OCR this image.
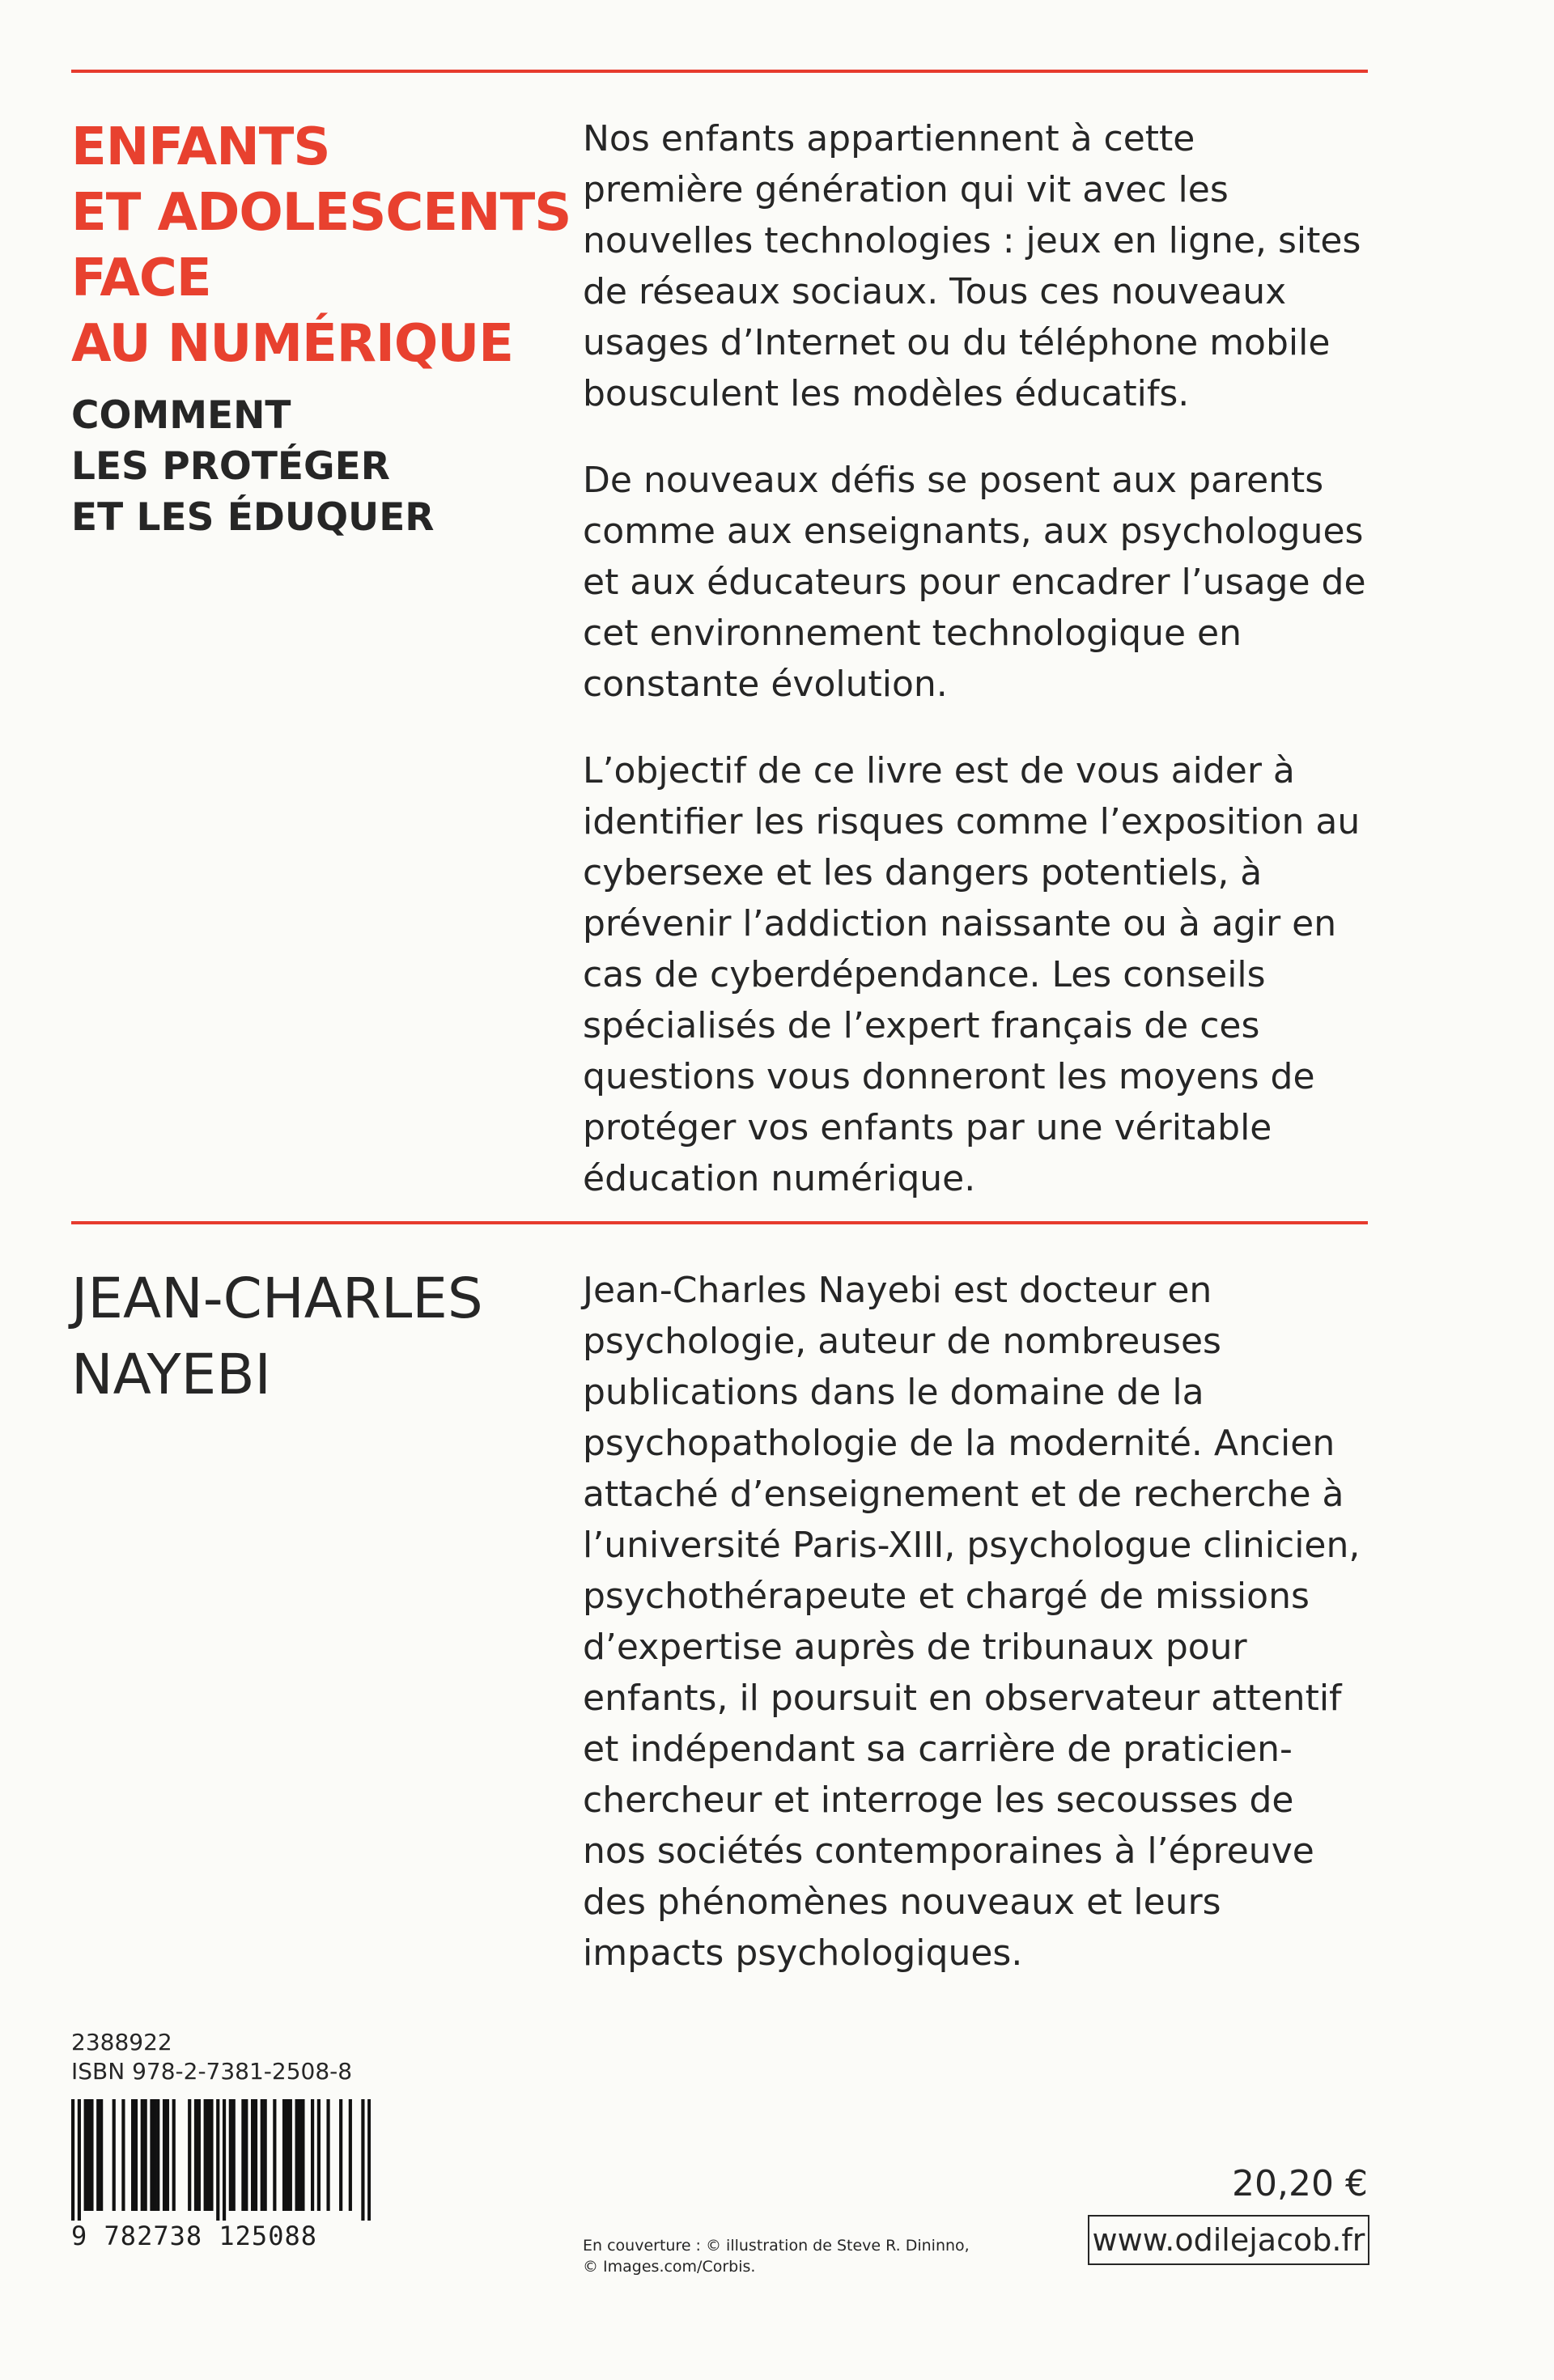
ENFANTS
ET ADOLESCENTS
FACE
AU NUMÉRIQUE
COMMENT
LES PROTÉGER
ET LES ÉDUQUER

Nos enfants appartiennent à cette première génération qui vit avec les nouvelles technologies : jeux en ligne, sites de réseaux sociaux. Tous ces nouveaux usages d’Internet ou du téléphone mobile bousculent les modèles éducatifs.

De nouveaux défis se posent aux parents comme aux enseignants, aux psychologues et aux éducateurs pour encadrer l’usage de cet environnement technologique en constante évolution.

L’objectif de ce livre est de vous aider à identifier les risques comme l’exposition au cybersexe et les dangers potentiels, à prévenir l’addiction naissante ou à agir en cas de cyberdépendance. Les conseils spécialisés de l’expert français de ces questions vous donneront les moyens de protéger vos enfants par une véritable éducation numérique.

JEAN-CHARLES
NAYEBI

Jean-Charles Nayebi est docteur en psychologie, auteur de nombreuses publications dans le domaine de la psychopathologie de la modernité. Ancien attaché d’enseignement et de recherche à l’université Paris-XIII, psychologue clinicien, psychothérapeute et chargé de missions d’expertise auprès de tribunaux pour enfants, il poursuit en observateur attentif et indépendant sa carrière de praticien-chercheur et interroge les secousses de nos sociétés contemporaines à l’épreuve des phénomènes nouveaux et leurs impacts psychologiques.

2388922
ISBN 978-2-7381-2508-8
9 782738 125088	En couverture : © illustration de Steve R. Dininno,
© Images.com/Corbis.
20,20 €
www.odilejacob.fr
